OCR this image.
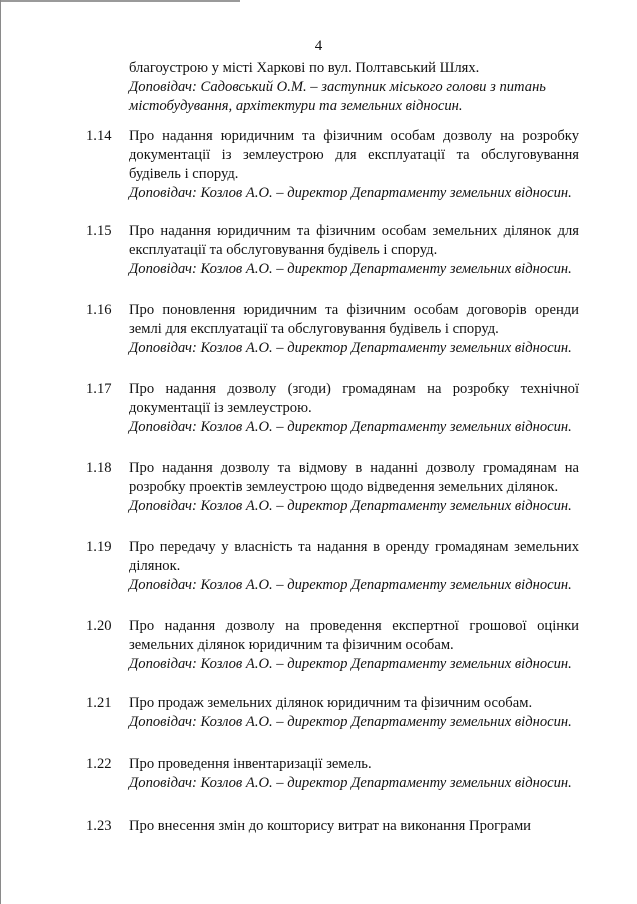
4

благоустрою у місті Харкові по вул. Полтавський Шлях.

Доповідач: Садовський О.М. – заступник міського голови з питань містобудування, архітектури та земельних відносин.

1.14 Про надання юридичним та фізичним особам дозволу на розробку документації із землеустрою для експлуатації та обслуговування будівель і споруд.

Доповідач: Козлов А.О. – директор Департаменту земельних відносин.

1.15 Про надання юридичним та фізичним особам земельних ділянок для експлуатації та обслуговування будівель і споруд.

Доповідач: Козлов А.О. – директор Департаменту земельних відносин.

1.16 Про поновлення юридичним та фізичним особам договорів оренди землі для експлуатації та обслуговування будівель і споруд.

Доповідач: Козлов А.О. – директор Департаменту земельних відносин.

1.17 Про надання дозволу (згоди) громадянам на розробку технічної документації із землеустрою.

Доповідач: Козлов А.О. – директор Департаменту земельних відносин.

1.18 Про надання дозволу та відмову в наданні дозволу громадянам на розробку проектів землеустрою щодо відведення земельних ділянок.

Доповідач: Козлов А.О. – директор Департаменту земельних відносин.

1.19 Про передачу у власність та надання в оренду громадянам земельних ділянок.

Доповідач: Козлов А.О. – директор Департаменту земельних відносин.

1.20 Про надання дозволу на проведення експертної грошової оцінки земельних ділянок юридичним та фізичним особам.

Доповідач: Козлов А.О. – директор Департаменту земельних відносин.

1.21 Про продаж земельних ділянок юридичним та фізичним особам.

Доповідач: Козлов А.О. – директор Департаменту земельних відносин.

1.22 Про проведення інвентаризації земель.

Доповідач: Козлов А.О. – директор Департаменту земельних відносин.

1.23 Про внесення змін до кошторису витрат на виконання Програми
